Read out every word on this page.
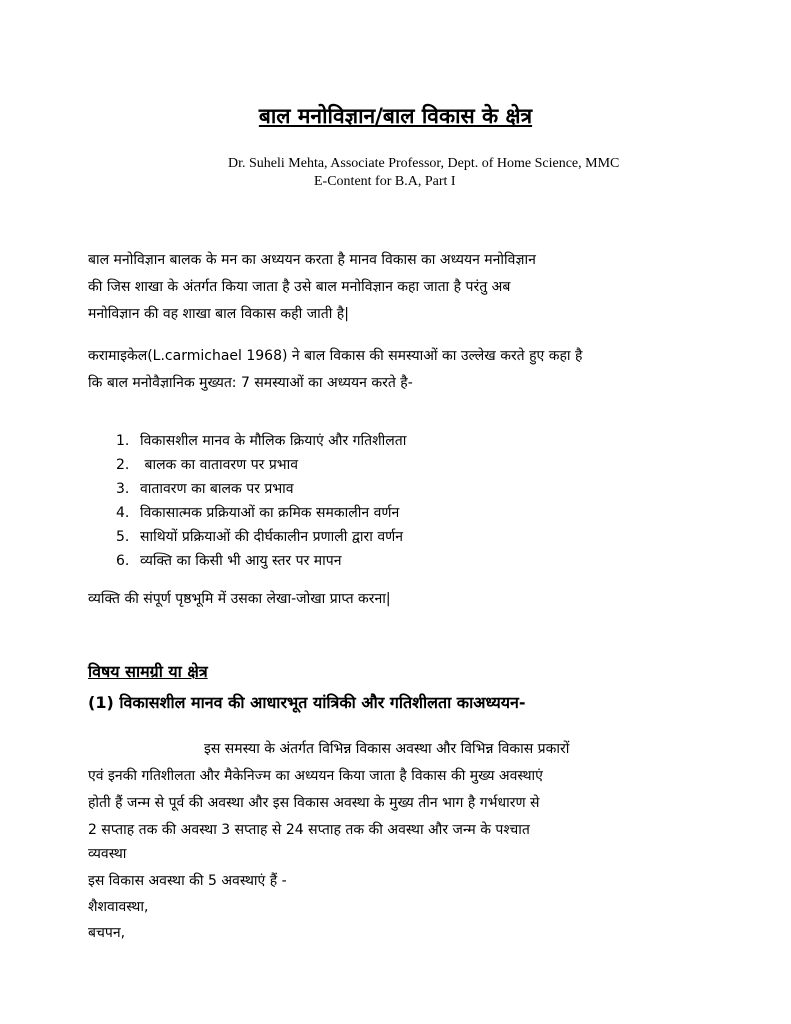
बाल मनोविज्ञान/बाल विकास के क्षेत्र
Dr. Suheli Mehta, Associate Professor, Dept. of Home Science, MMC
E-Content for B.A, Part I
बाल मनोविज्ञान बालक के मन का अध्ययन करता है मानव विकास का अध्ययन मनोविज्ञान
की जिस शाखा के अंतर्गत किया जाता है उसे बाल मनोविज्ञान कहा जाता है परंतु अब
मनोविज्ञान की वह शाखा बाल विकास कही जाती है|
करामाइकेल(L.carmichael 1968) ने बाल विकास की समस्याओं का उल्लेख करते हुए कहा है
कि बाल मनोवैज्ञानिक मुख्यत: 7 समस्याओं का अध्ययन करते है-
1. विकासशील मानव के मौलिक क्रियाएं और गतिशीलता
2. बालक का वातावरण पर प्रभाव
3. वातावरण का बालक पर प्रभाव
4. विकासात्मक प्रक्रियाओं का क्रमिक समकालीन वर्णन
5. साथियों प्रक्रियाओं की दीर्घकालीन प्रणाली द्वारा वर्णन
6. व्यक्ति का किसी भी आयु स्तर पर मापन
व्यक्ति की संपूर्ण पृष्ठभूमि में उसका लेखा-जोखा प्राप्त करना|
विषय सामग्री या क्षेत्र
(1) विकासशील मानव की आधारभूत यांत्रिकी और गतिशीलता काअध्ययन-
इस समस्या के अंतर्गत विभिन्न विकास अवस्था और विभिन्न विकास प्रकारों
एवं इनकी गतिशीलता और मैकेनिज्म का अध्ययन किया जाता है विकास की मुख्य अवस्थाएं
होती हैं जन्म से पूर्व की अवस्था और इस विकास अवस्था के मुख्य तीन भाग है गर्भधारण से
2 सप्ताह तक की अवस्था 3 सप्ताह से 24 सप्ताह तक की अवस्था और जन्म के पश्चात
व्यवस्था
इस विकास अवस्था की 5 अवस्थाएं हैं -
शैशवावस्था,
बचपन,
